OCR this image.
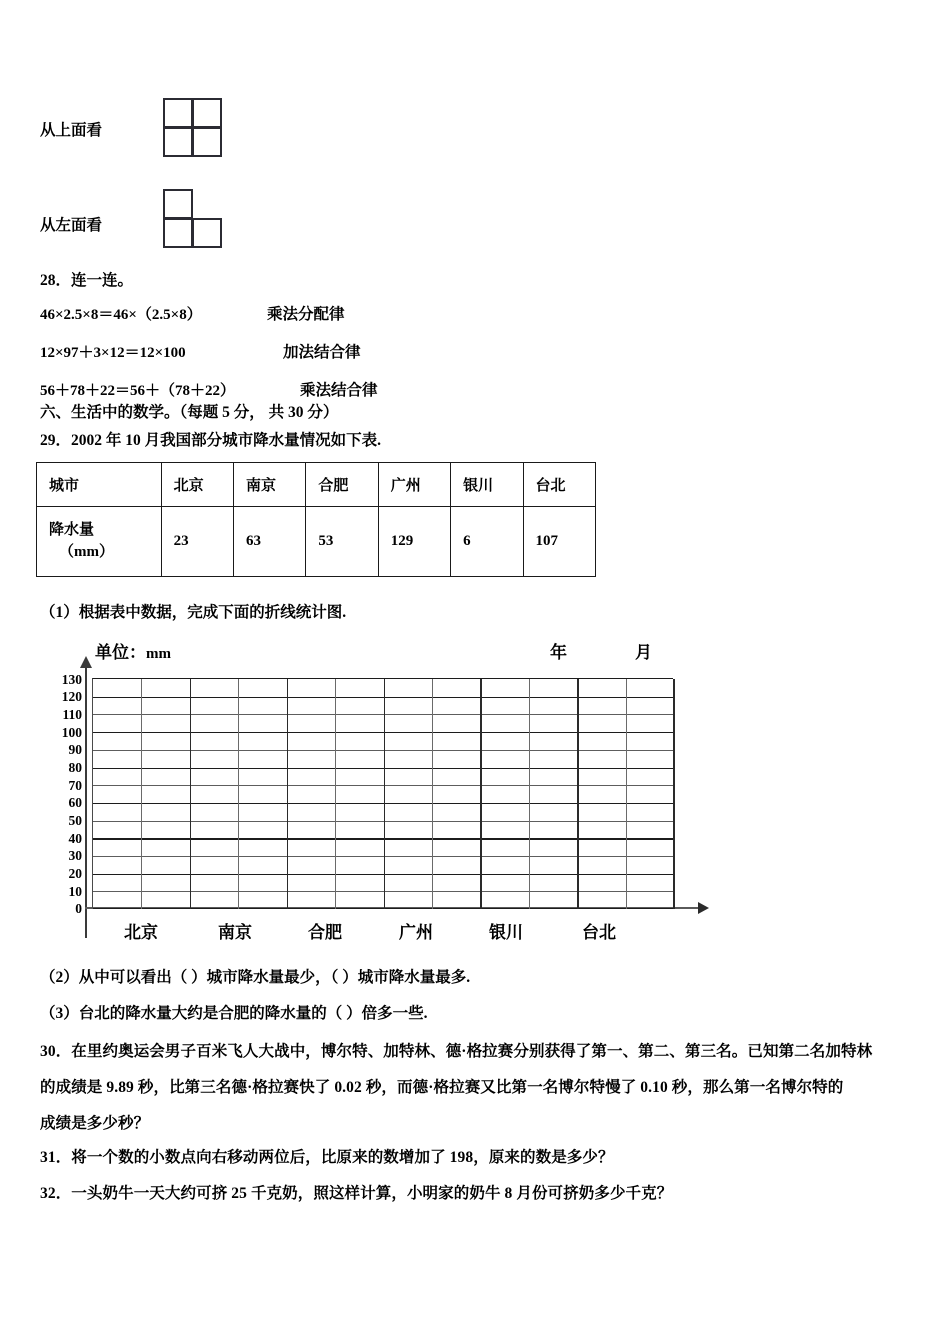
从上面看
从左面看
28．连一连。
46×2.5×8＝46×（2.5×8）	乘法分配律
12×97＋3×12＝12×100	加法结合律
56＋78＋22＝56＋（78＋22）	乘法结合律
六、生活中的数学。（每题 5 分， 共 30 分）
29．2002 年 10 月我国部分城市降水量情况如下表.
城市	北京	南京	合肥	广州	银川	台北

降水量
（mm）	23	63	53	129	6	107
（1）根据表中数据，完成下面的折线统计图.
单位：mm	年	月
130
120
110
100
90
80
70
60
50
40
30
20
10
0
北京	南京	合肥	广州	银川	台北
（2）从中可以看出（ ）城市降水量最少，（ ）城市降水量最多.
（3）台北的降水量大约是合肥的降水量的（ ）倍多一些.
30．在里约奥运会男子百米飞人大战中，博尔特、加特林、德·格拉赛分别获得了第一、第二、第三名。已知第二名加特林
的成绩是 9.89 秒，比第三名德·格拉赛快了 0.02 秒，而德·格拉赛又比第一名博尔特慢了 0.10 秒，那么第一名博尔特的
成绩是多少秒？
31．将一个数的小数点向右移动两位后，比原来的数增加了 198，原来的数是多少？
32．一头奶牛一天大约可挤 25 千克奶，照这样计算，小明家的奶牛 8 月份可挤奶多少千克？
